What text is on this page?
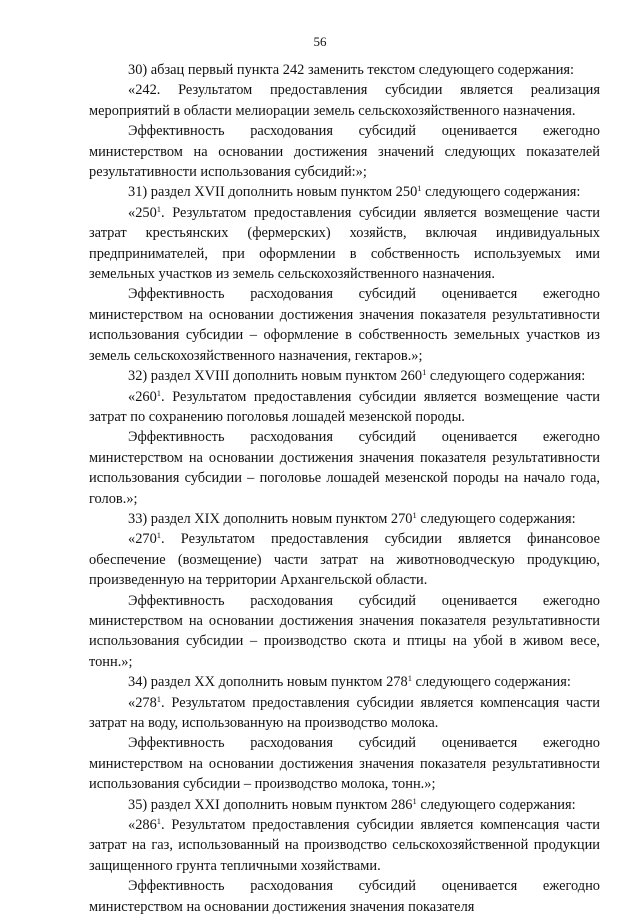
56

30) абзац первый пункта 242 заменить текстом следующего содержания:

«242. Результатом предоставления субсидии является реализация мероприятий в области мелиорации земель сельскохозяйственного назначения.

Эффективность расходования субсидий оценивается ежегодно министерством на основании достижения значений следующих показателей результативности использования субсидий:»;

31) раздел XVII дополнить новым пунктом $250^1$ следующего содержания:

«$250^1$. Результатом предоставления субсидии является возмещение части затрат крестьянских (фермерских) хозяйств, включая индивидуальных предпринимателей, при оформлении в собственность используемых ими земельных участков из земель сельскохозяйственного назначения.

Эффективность расходования субсидий оценивается ежегодно министерством на основании достижения значения показателя результативности использования субсидии – оформление в собственность земельных участков из земель сельскохозяйственного назначения, гектаров.»;

32) раздел XVIII дополнить новым пунктом $260^1$ следующего содержания:

«$260^1$. Результатом предоставления субсидии является возмещение части затрат по сохранению поголовья лошадей мезенской породы.

Эффективность расходования субсидий оценивается ежегодно министерством на основании достижения значения показателя результативности использования субсидии – поголовье лошадей мезенской породы на начало года, голов.»;

33) раздел XIX дополнить новым пунктом $270^1$ следующего содержания:

«$270^1$. Результатом предоставления субсидии является финансовое обеспечение (возмещение) части затрат на животноводческую продукцию, произведенную на территории Архангельской области.

Эффективность расходования субсидий оценивается ежегодно министерством на основании достижения значения показателя результативности использования субсидии – производство скота и птицы на убой в живом весе, тонн.»;

34) раздел XX дополнить новым пунктом $278^1$ следующего содержания:

«$278^1$. Результатом предоставления субсидии является компенсация части затрат на воду, использованную на производство молока.

Эффективность расходования субсидий оценивается ежегодно министерством на основании достижения значения показателя результативности использования субсидии – производство молока, тонн.»;

35) раздел XXI дополнить новым пунктом $286^1$ следующего содержания:

«$286^1$. Результатом предоставления субсидии является компенсация части затрат на газ, использованный на производство сельскохозяйственной продукции защищенного грунта тепличными хозяйствами.

Эффективность расходования субсидий оценивается ежегодно министерством на основании достижения значения показателя
